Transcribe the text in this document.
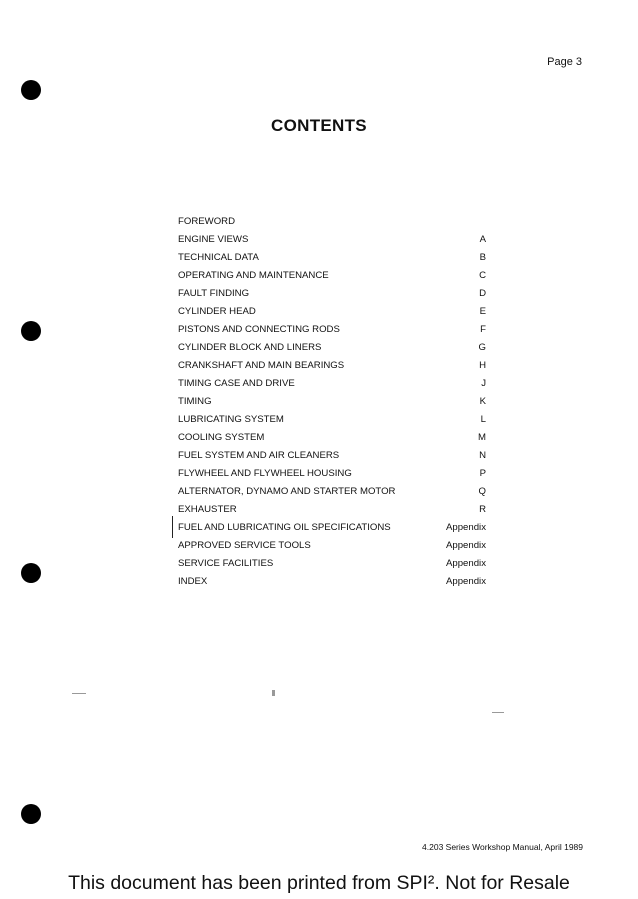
Page 3
CONTENTS
FOREWORD
ENGINE VIEWS	A
TECHNICAL DATA	B
OPERATING AND MAINTENANCE	C
FAULT FINDING	D
CYLINDER HEAD	E
PISTONS AND CONNECTING RODS	F
CYLINDER BLOCK AND LINERS	G
CRANKSHAFT AND MAIN BEARINGS	H
TIMING CASE AND DRIVE	J
TIMING	K
LUBRICATING SYSTEM	L
COOLING SYSTEM	M
FUEL SYSTEM AND AIR CLEANERS	N
FLYWHEEL AND FLYWHEEL HOUSING	P
ALTERNATOR, DYNAMO AND STARTER MOTOR	Q
EXHAUSTER	R
FUEL AND LUBRICATING OIL SPECIFICATIONS	Appendix
APPROVED SERVICE TOOLS	Appendix
SERVICE FACILITIES	Appendix
INDEX	Appendix
4.203 Series Workshop Manual, April 1989
This document has been printed from SPI². Not for Resale
